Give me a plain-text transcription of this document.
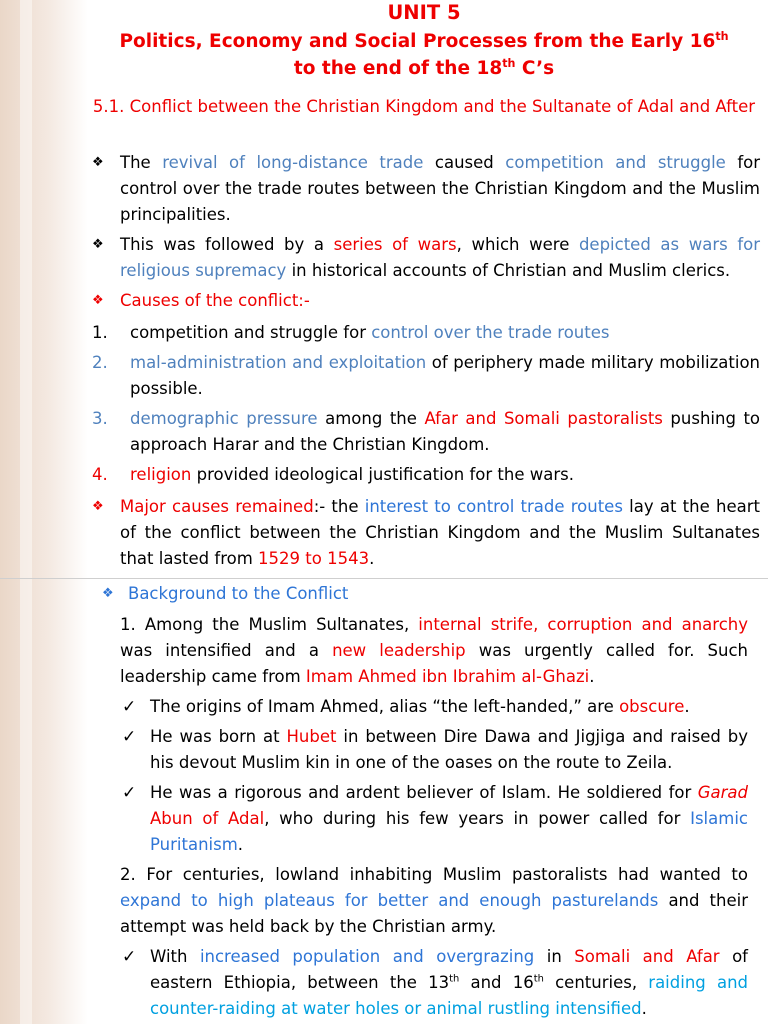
UNIT 5
Politics, Economy and Social Processes from the Early 16th
to the end of the 18th C’s
5.1. Conflict between the Christian Kingdom and the Sultanate of Adal and After
❖ The revival of long-distance trade caused competition and struggle for control over the trade routes between the Christian Kingdom and the Muslim principalities.
❖ This was followed by a series of wars, which were depicted as wars for religious supremacy in historical accounts of Christian and Muslim clerics.
❖ Causes of the conflict:-
1. competition and struggle for control over the trade routes
2. mal-administration and exploitation of periphery made military mobilization possible.
3. demographic pressure among the Afar and Somali pastoralists pushing to approach Harar and the Christian Kingdom.
4. religion provided ideological justification for the wars.
❖ Major causes remained:- the interest to control trade routes lay at the heart of the conflict between the Christian Kingdom and the Muslim Sultanates that lasted from 1529 to 1543.
❖ Background to the Conflict
1. Among the Muslim Sultanates, internal strife, corruption and anarchy was intensified and a new leadership was urgently called for. Such leadership came from Imam Ahmed ibn Ibrahim al-Ghazi.
✓ The origins of Imam Ahmed, alias “the left-handed,” are obscure.
✓ He was born at Hubet in between Dire Dawa and Jigjiga and raised by his devout Muslim kin in one of the oases on the route to Zeila.
✓ He was a rigorous and ardent believer of Islam. He soldiered for Garad Abun of Adal, who during his few years in power called for Islamic Puritanism.
2. For centuries, lowland inhabiting Muslim pastoralists had wanted to expand to high plateaus for better and enough pasturelands and their attempt was held back by the Christian army.
✓ With increased population and overgrazing in Somali and Afar of eastern Ethiopia, between the 13th and 16th centuries, raiding and counter-raiding at water holes or animal rustling intensified.
